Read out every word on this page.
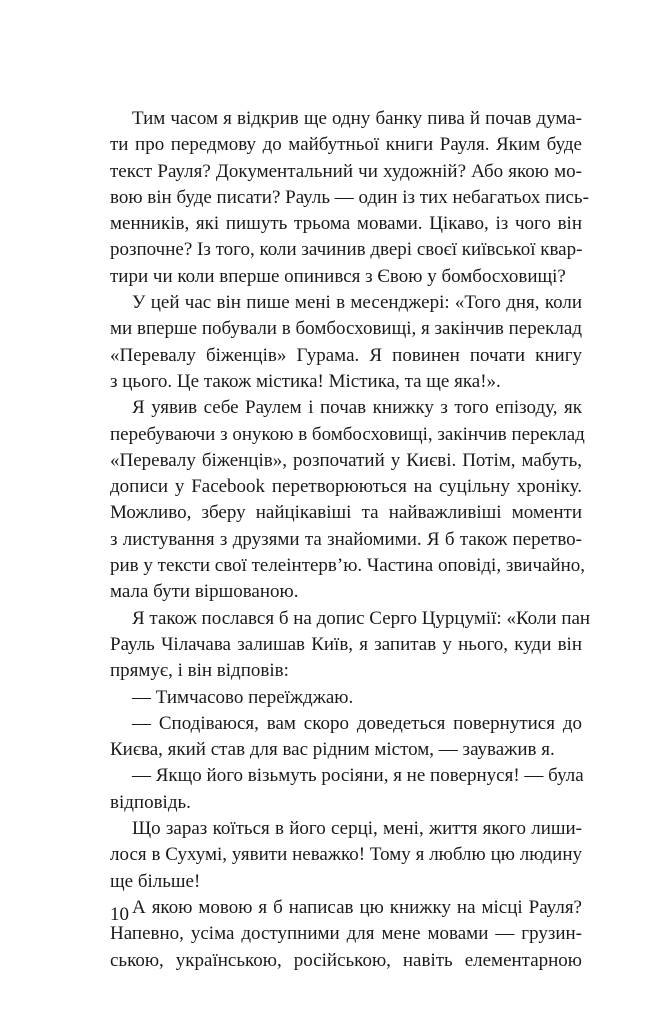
Тим часом я відкрив ще одну банку пива й почав дума-
ти про передмову до майбутньої книги Рауля. Яким буде
текст Рауля? Документальний чи художній? Або якою мо-
вою він буде писати? Рауль — один із тих небагатьох пись-
менників, які пишуть трьома мовами. Цікаво, із чого він
розпочне? Із того, коли зачинив двері своєї київської квар-
тири чи коли вперше опинився з Євою у бомбосховищі?
У цей час він пише мені в месенджері: «Того дня, коли
ми вперше побували в бомбосховищі, я закінчив переклад
«Перевалу біженців» Гурама. Я повинен почати книгу
з цього. Це також містика! Містика, та ще яка!».
Я уявив себе Раулем і почав книжку з того епізоду, як
перебуваючи з онукою в бомбосховищі, закінчив переклад
«Перевалу біженців», розпочатий у Києві. Потім, мабуть,
дописи у Facebook перетворюються на суцільну хроніку.
Можливо, зберу найцікавіші та найважливіші моменти
з листування з друзями та знайомими. Я б також перетво-
рив у тексти свої телеінтерв’ю. Частина оповіді, звичайно,
мала бути віршованою.
Я також послався б на допис Серго Цурцумії: «Коли пан
Рауль Чілачава залишав Київ, я запитав у нього, куди він
прямує, і він відповів:
— Тимчасово переїжджаю.
— Сподіваюся, вам скоро доведеться повернутися до
Києва, який став для вас рідним містом, — зауважив я.
— Якщо його візьмуть росіяни, я не повернуся! — була
відповідь.
Що зараз коїться в його серці, мені, життя якого лиши-
лося в Сухумі, уявити неважко! Тому я люблю цю людину
ще більше!
А якою мовою я б написав цю книжку на місці Рауля?
Напевно, усіма доступними для мене мовами — грузин-
ською, українською, російською, навіть елементарною
10
